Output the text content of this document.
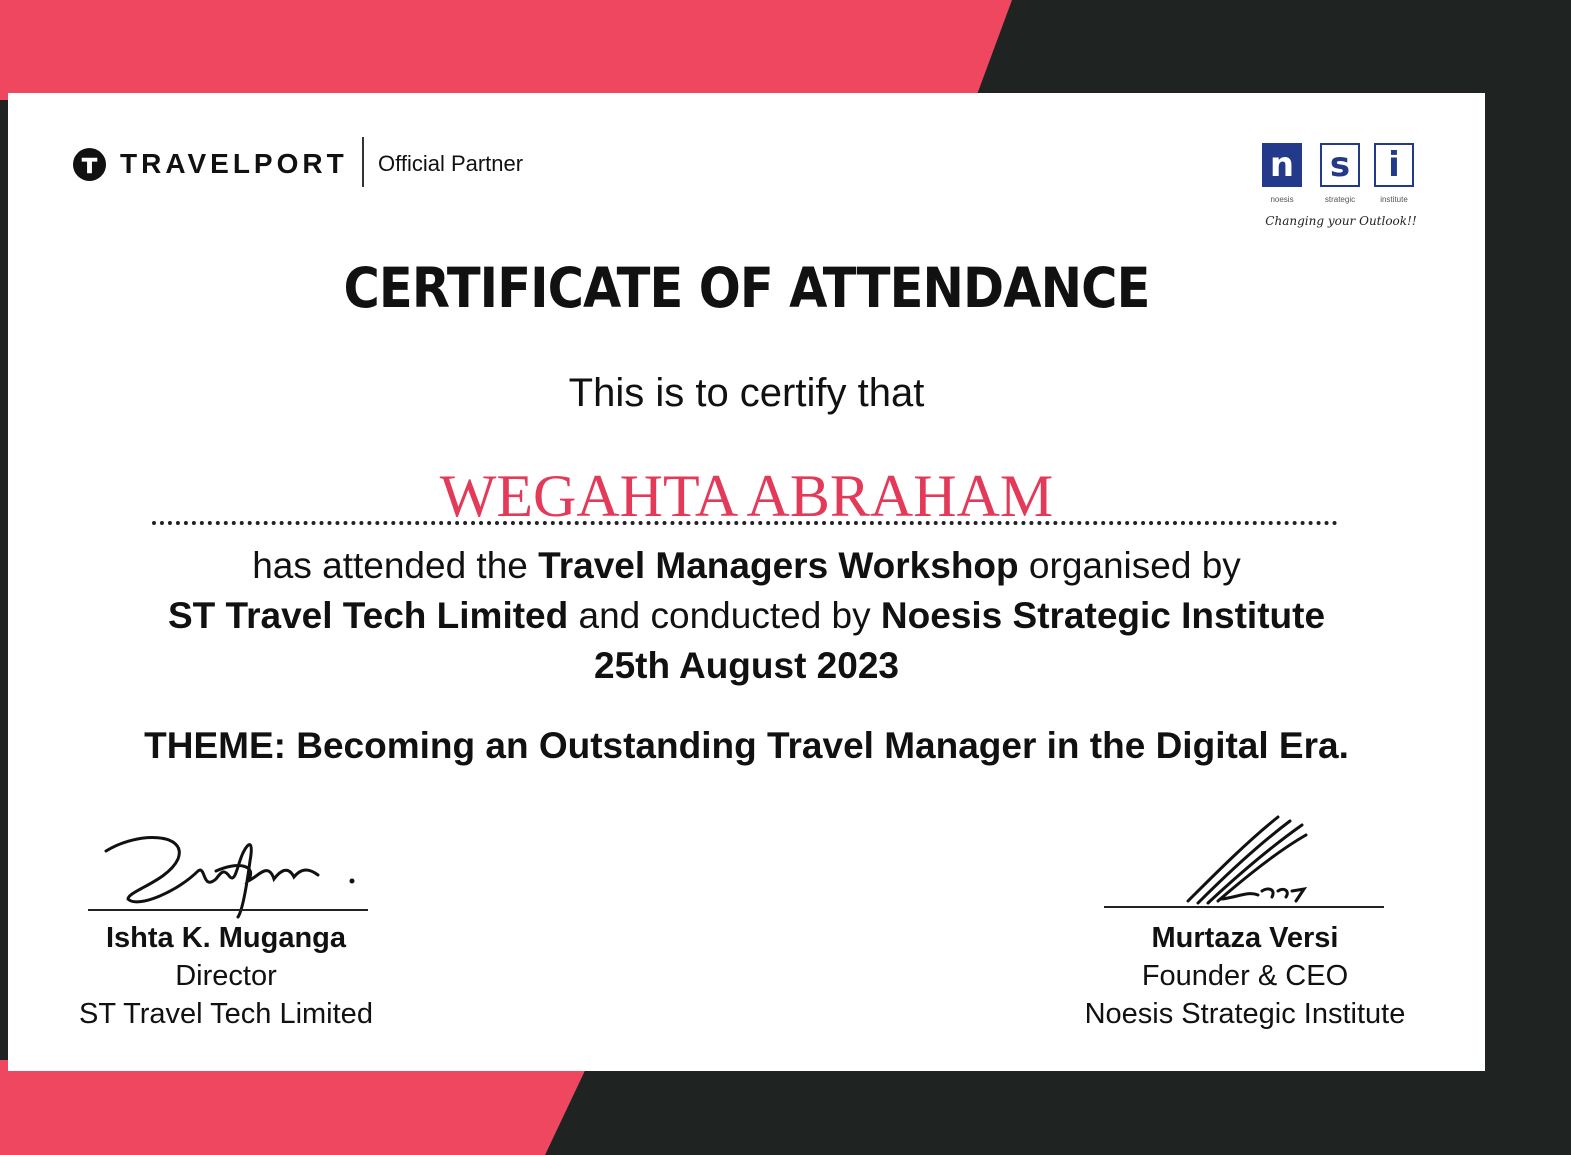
TRAVELPORT Official Partner	n s	i
noesis	strategic	institute
Changing your Outlook!!
CERTIFICATE OF ATTENDANCE
This is to certify that
WEGAHTA ABRAHAM
has attended the Travel Managers Workshop organised by
ST Travel Tech Limited and conducted by Noesis Strategic Institute
25th August 2023
THEME: Becoming an Outstanding Travel Manager in the Digital Era.
Ishta K. Muganga
Director
ST Travel Tech Limited
Murtaza Versi
Founder & CEO
Noesis Strategic Institute
